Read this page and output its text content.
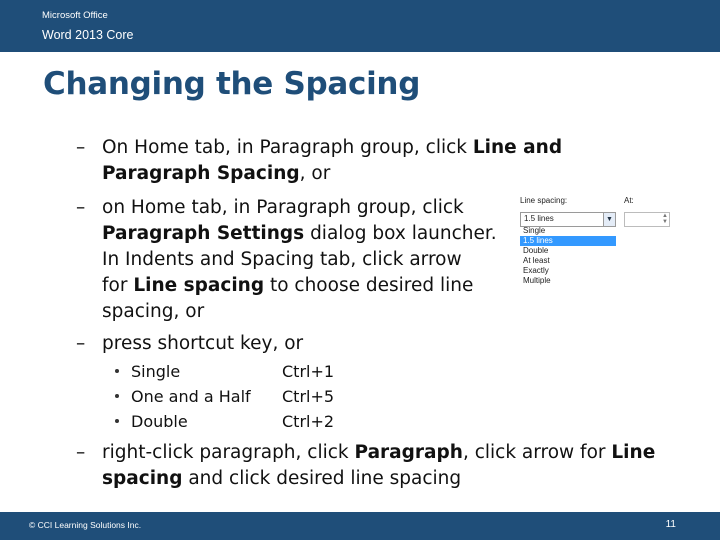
Microsoft Office
Word 2013 Core
Changing the Spacing
– On Home tab, in Paragraph group, click Line and
Paragraph Spacing, or
– on Home tab, in Paragraph group, click
Paragraph Settings dialog box launcher.
In Indents and Spacing tab, click arrow
for Line spacing to choose desired line
spacing, or
– press shortcut key, or
Single	Ctrl+1
One and a Half Ctrl+5
Double	Ctrl+2
– right-click paragraph, click Paragraph, click arrow for Line
spacing and click desired line spacing
Line spacing:	At:
1.5 lines	▼	▲
▼
Single
1.5 lines
Double
At least
Exactly
Multiple
© CCI Learning Solutions Inc.	11
